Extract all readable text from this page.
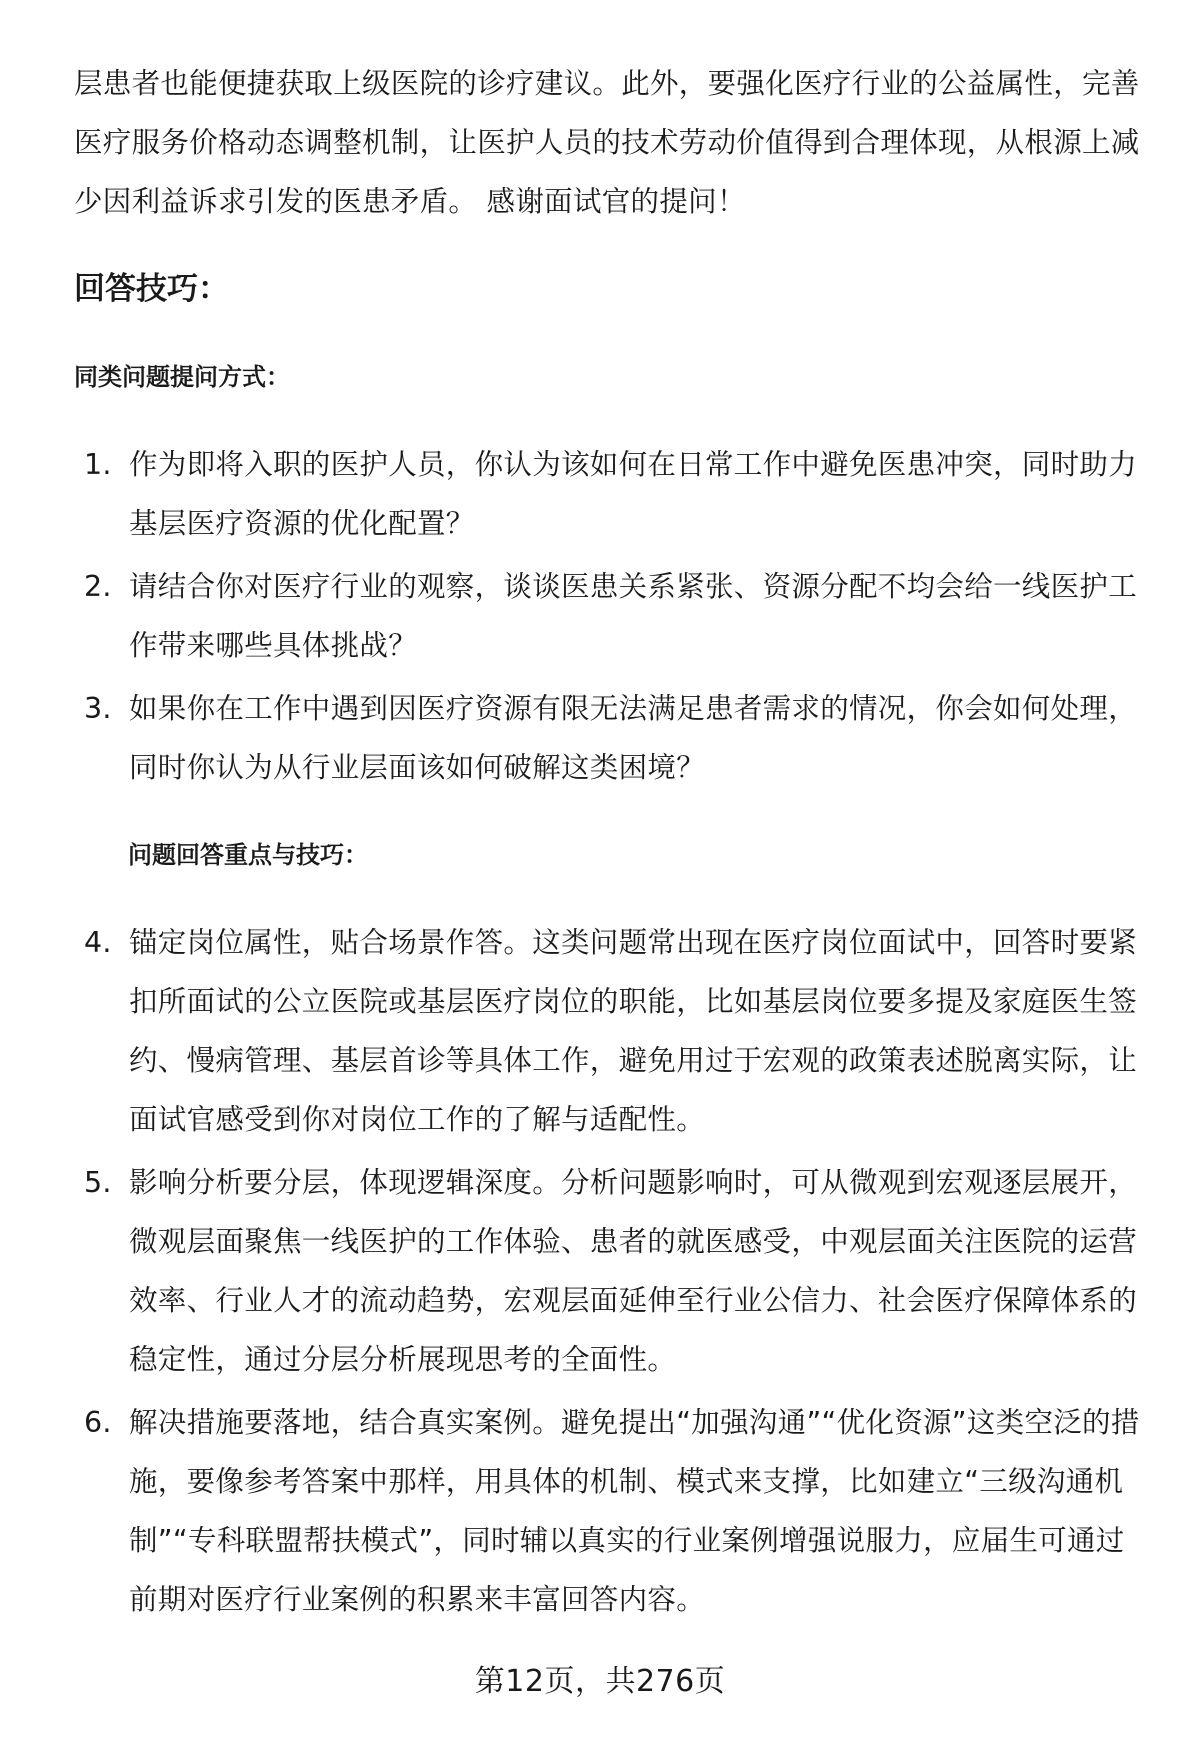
层患者也能便捷获取上级医院的诊疗建议。此外，要强化医疗行业的公益属性，完善医疗服务价格动态调整机制，让医护人员的技术劳动价值得到合理体现，从根源上减少因利益诉求引发的医患矛盾。 感谢面试官的提问！

回答技巧：
同类问题提问方式：
1. 作为即将入职的医护人员，你认为该如何在日常工作中避免医患冲突，同时助力基层医疗资源的优化配置？
2. 请结合你对医疗行业的观察，谈谈医患关系紧张、资源分配不均会给一线医护工作带来哪些具体挑战？
3. 如果你在工作中遇到因医疗资源有限无法满足患者需求的情况，你会如何处理，同时你认为从行业层面该如何破解这类困境？
问题回答重点与技巧：
4. 锚定岗位属性，贴合场景作答。这类问题常出现在医疗岗位面试中，回答时要紧扣所面试的公立医院或基层医疗岗位的职能，比如基层岗位要多提及家庭医生签约、慢病管理、基层首诊等具体工作，避免用过于宏观的政策表述脱离实际，让面试官感受到你对岗位工作的了解与适配性。
5. 影响分析要分层，体现逻辑深度。分析问题影响时，可从微观到宏观逐层展开，微观层面聚焦一线医护的工作体验、患者的就医感受，中观层面关注医院的运营效率、行业人才的流动趋势，宏观层面延伸至行业公信力、社会医疗保障体系的稳定性，通过分层分析展现思考的全面性。
6. 解决措施要落地，结合真实案例。避免提出“加强沟通”“优化资源”这类空泛的措施，要像参考答案中那样，用具体的机制、模式来支撑，比如建立“三级沟通机制”“专科联盟帮扶模式”，同时辅以真实的行业案例增强说服力，应届生可通过前期对医疗行业案例的积累来丰富回答内容。
第12页，共276页
